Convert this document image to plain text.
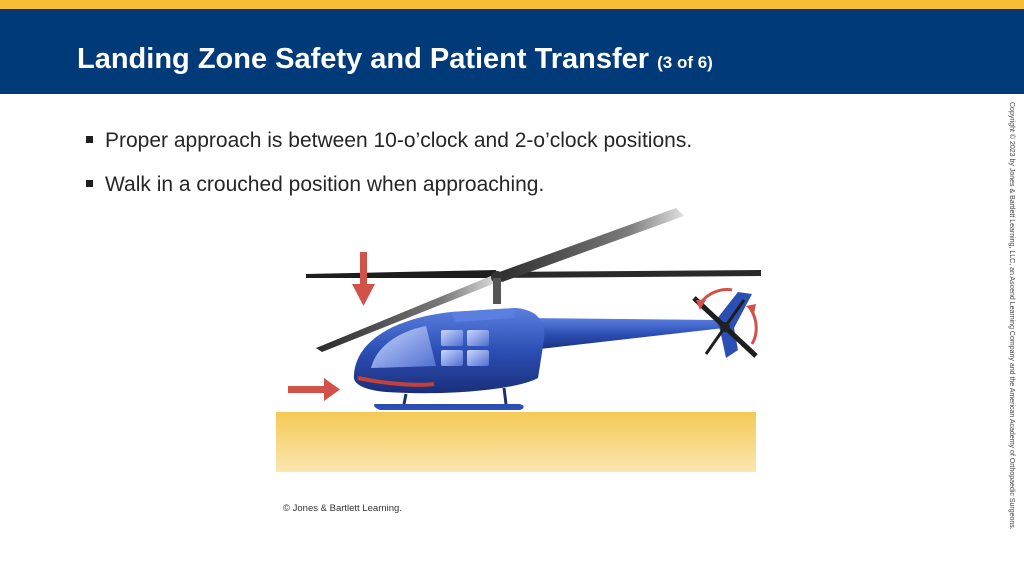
Landing Zone Safety and Patient Transfer (3 of 6)
Proper approach is between 10-o’clock and 2-o’clock positions.
Walk in a crouched position when approaching.
© Jones & Bartlett Learning.	Copyright © 2023 by Jones & Bartlett Learning, LLC, an Ascend Learning Company and the American Academy of Orthopaedic Surgeons.
